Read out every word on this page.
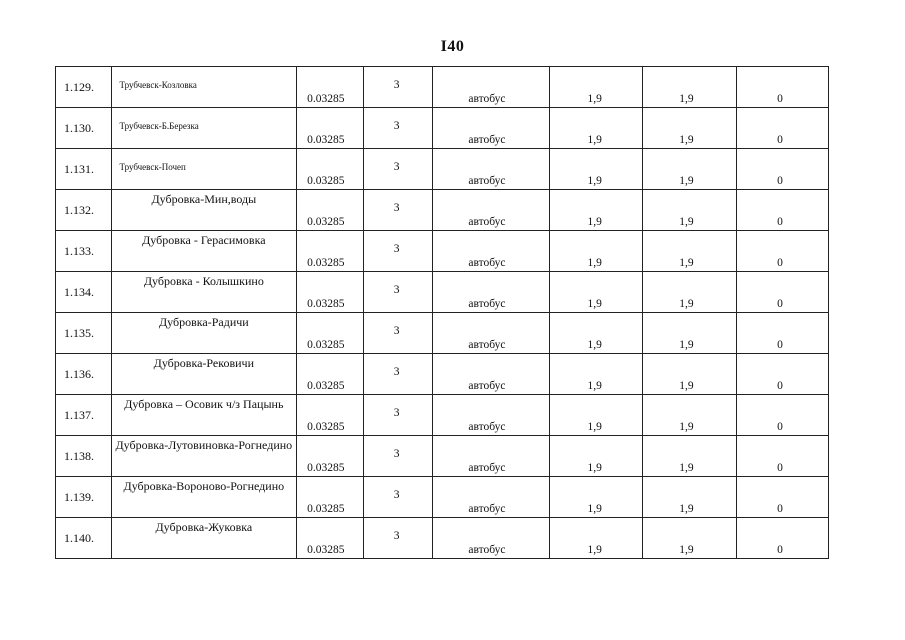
I40
1.129.	Трубчевск-Козловка	0.03285	3	автобус	1,9	1,9	0

1.130.	Трубчевск-Б.Березка	0.03285	3	автобус	1,9	1,9	0

1.131.	Трубчевск-Почеп	0.03285	3	автобус	1,9	1,9	0

1.132.	Дубровка-Мин,воды	0.03285	3	автобус	1,9	1,9	0

1.133.	Дубровка - Герасимовка	0.03285	3	автобус	1,9	1,9	0

1.134.	Дубровка - Колышкино	0.03285	3	автобус	1,9	1,9	0

1.135.	Дубровка-Радичи	0.03285	3	автобус	1,9	1,9	0

1.136.	Дубровка-Рековичи	0.03285	3	автобус	1,9	1,9	0

1.137.	Дубровка – Осовик ч/з Пацынь	0.03285	3	автобус	1,9	1,9	0

1.138.	Дубровка-Лутовиновка-Рогнедино	0.03285	3	автобус	1,9	1,9	0

1.139.	Дубровка-Вороново-Рогнедино	0.03285	3	автобус	1,9	1,9	0

1.140.	Дубровка-Жуковка	0.03285	3	автобус	1,9	1,9	0
